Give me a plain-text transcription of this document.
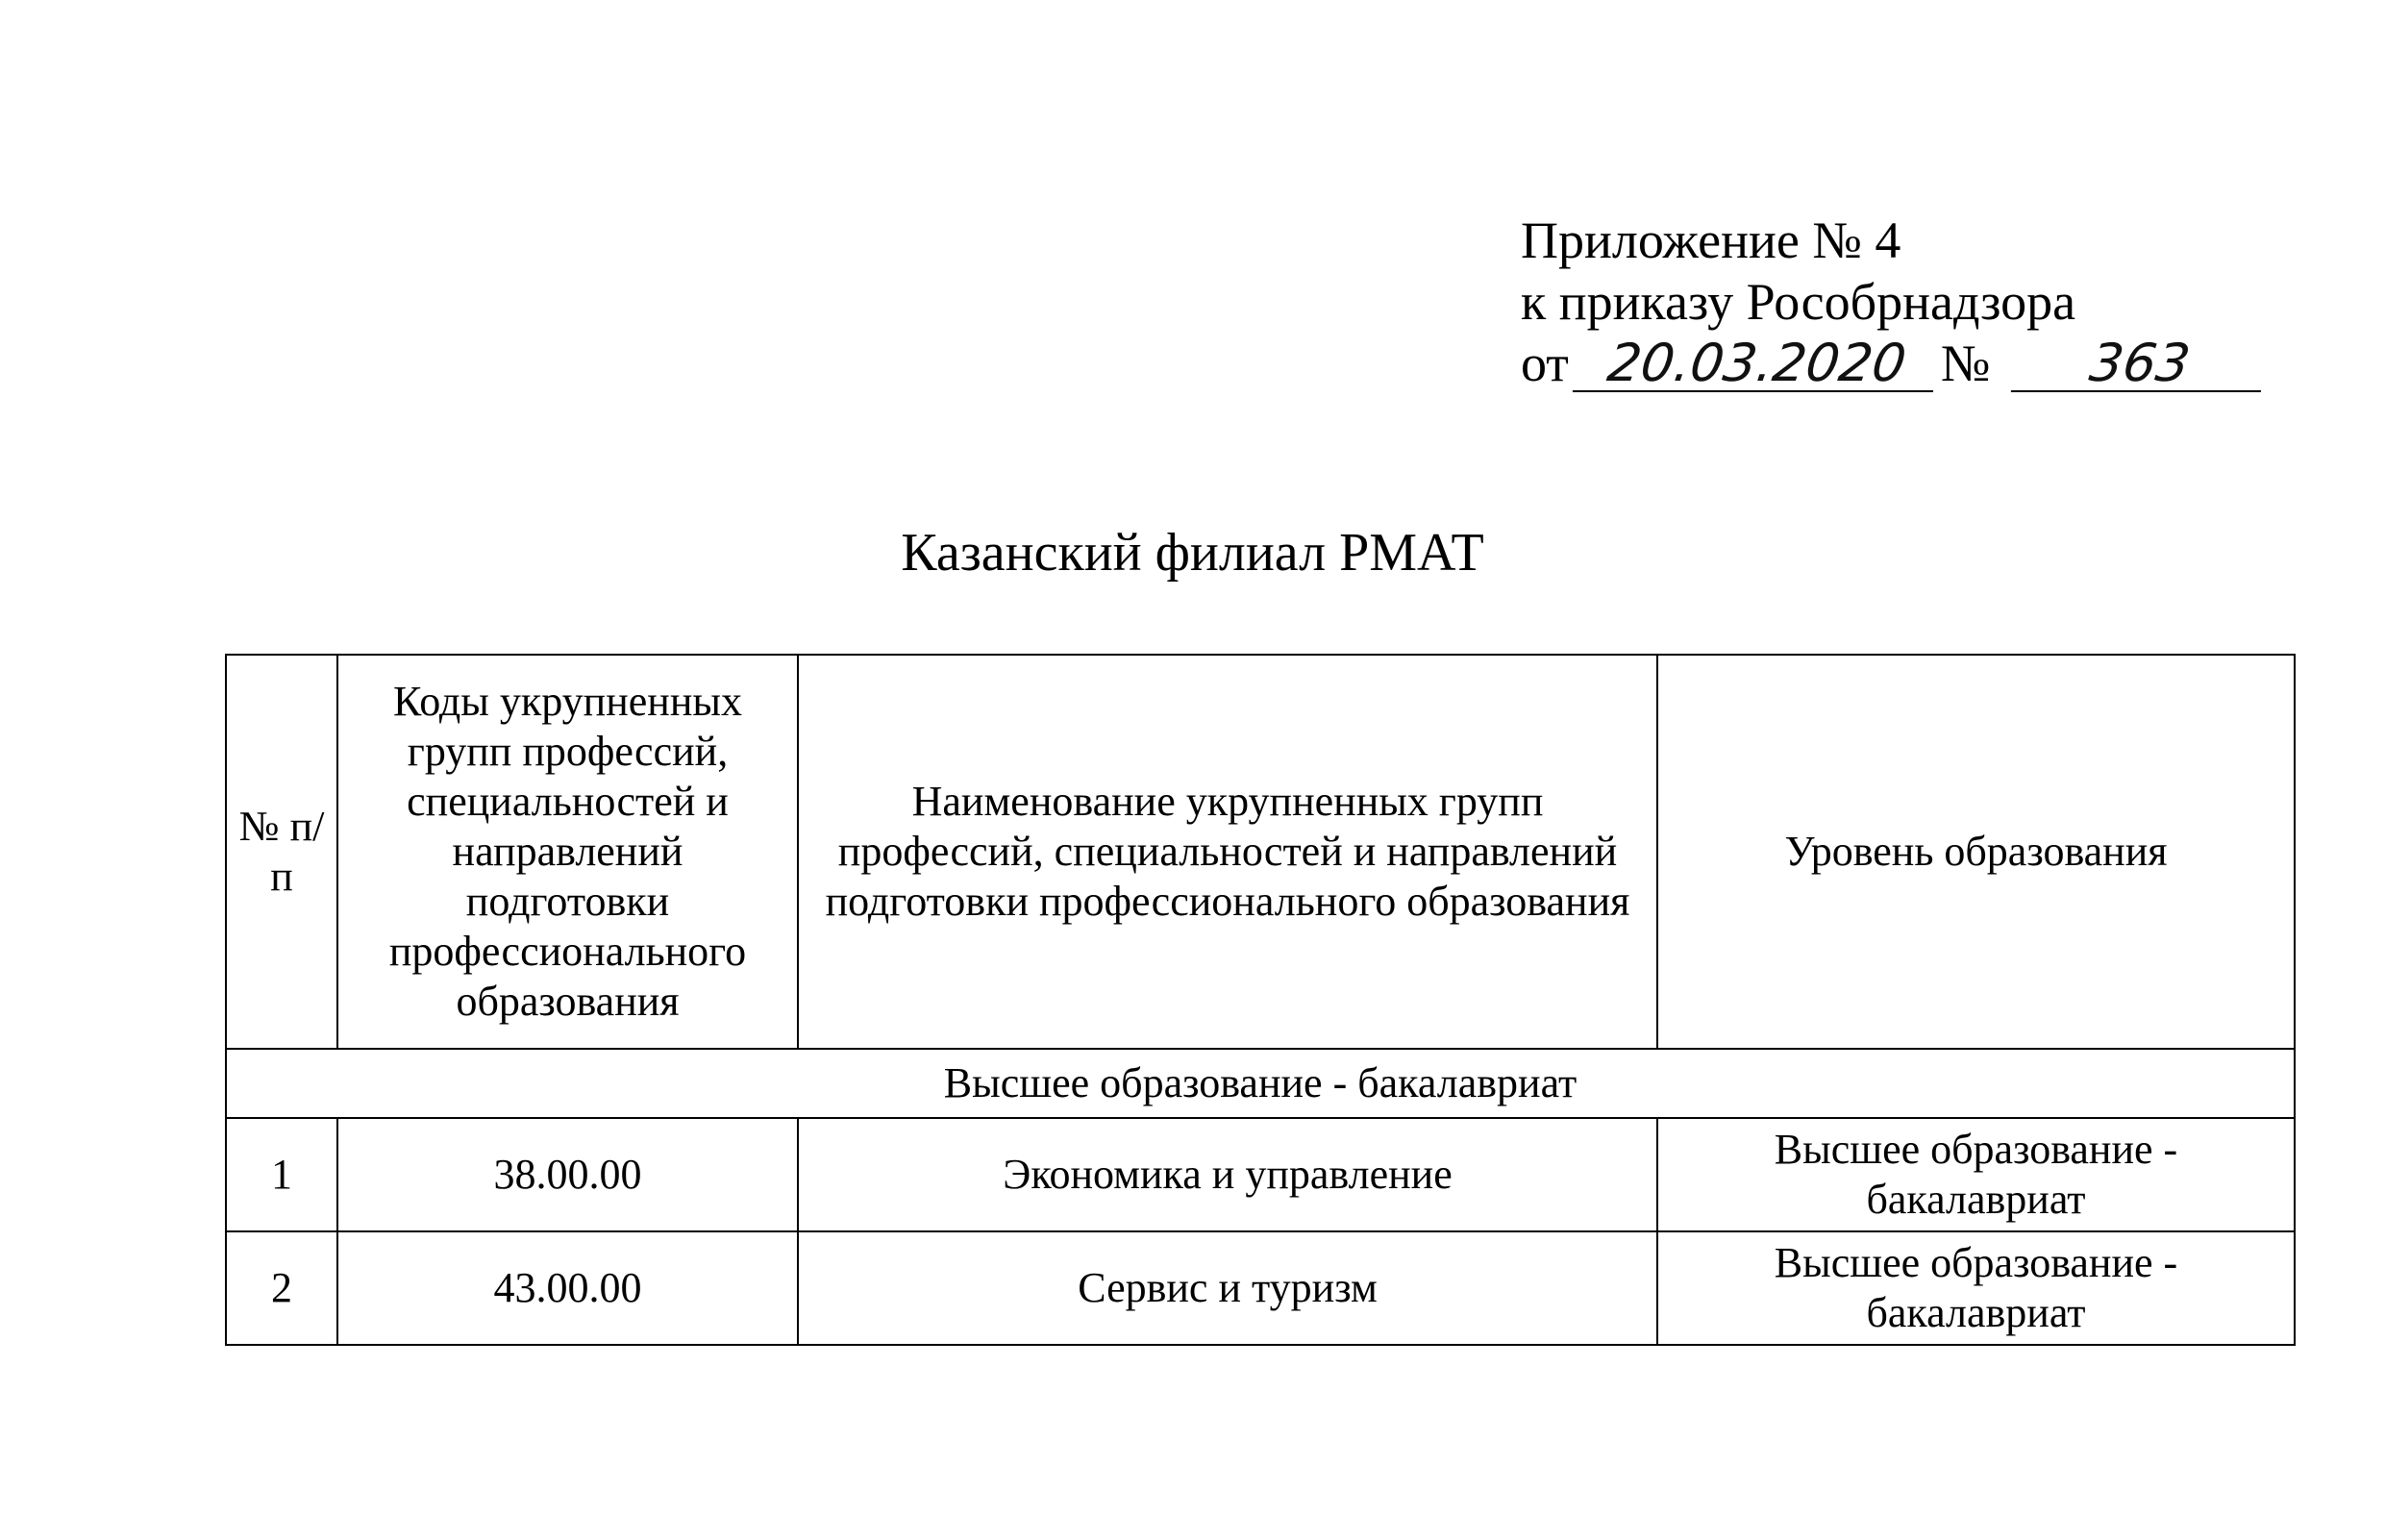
Приложение № 4
к приказу Рособрнадзора
от 20.03.2020 № 363
Казанский филиал РМАТ
№ п/п	Коды укрупненных групп профессий, специальностей и направлений подготовки профессионального образования	Наименование укрупненных групп профессий, специальностей и направлений подготовки профессионального образования	Уровень образования
Высшее образование - бакалавриат			
1	38.00.00	Экономика и управление	Высшее образование - бакалавриат
2	43.00.00	Сервис и туризм	Высшее образование - бакалавриат
